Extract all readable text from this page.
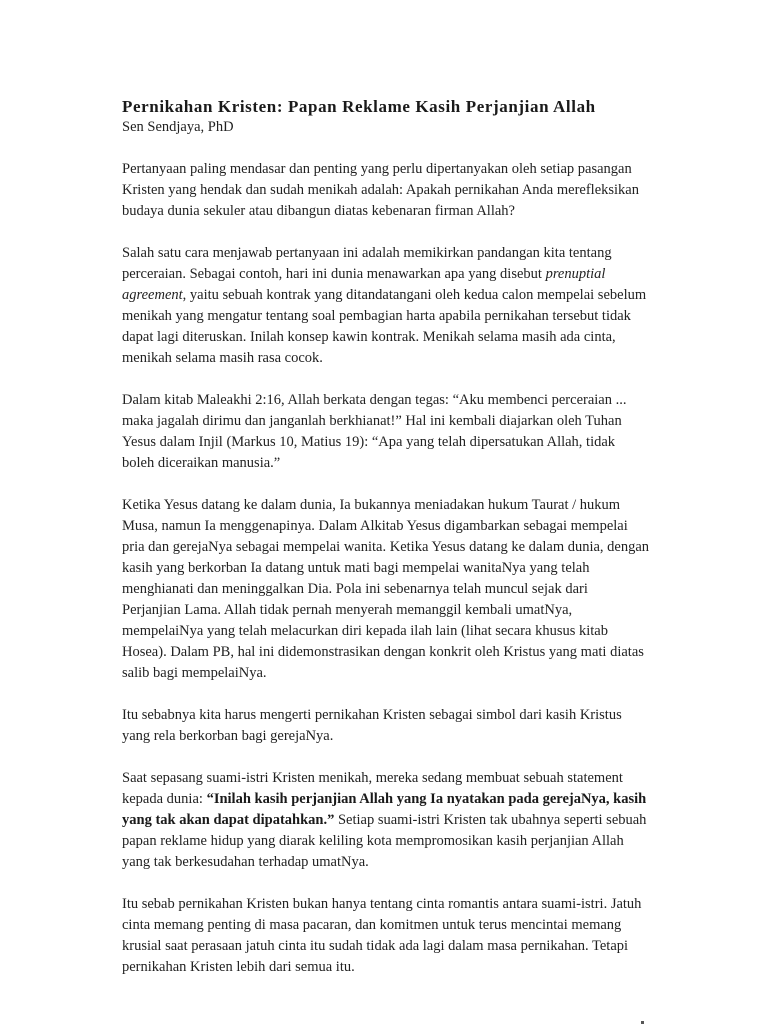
Pernikahan Kristen: Papan Reklame Kasih Perjanjian Allah

Sen Sendjaya, PhD

Pertanyaan paling mendasar dan penting yang perlu dipertanyakan oleh setiap pasangan Kristen yang hendak dan sudah menikah adalah: Apakah pernikahan Anda merefleksikan budaya dunia sekuler atau dibangun diatas kebenaran firman Allah?

Salah satu cara menjawab pertanyaan ini adalah memikirkan pandangan kita tentang perceraian. Sebagai contoh, hari ini dunia menawarkan apa yang disebut prenuptial agreement, yaitu sebuah kontrak yang ditandatangani oleh kedua calon mempelai sebelum menikah yang mengatur tentang soal pembagian harta apabila pernikahan tersebut tidak dapat lagi diteruskan. Inilah konsep kawin kontrak. Menikah selama masih ada cinta, menikah selama masih rasa cocok.

Dalam kitab Maleakhi 2:16, Allah berkata dengan tegas: “Aku membenci perceraian ... maka jagalah dirimu dan janganlah berkhianat!” Hal ini kembali diajarkan oleh Tuhan Yesus dalam Injil (Markus 10, Matius 19): “Apa yang telah dipersatukan Allah, tidak boleh diceraikan manusia.”

Ketika Yesus datang ke dalam dunia, Ia bukannya meniadakan hukum Taurat / hukum Musa, namun Ia menggenapinya. Dalam Alkitab Yesus digambarkan sebagai mempelai pria dan gerejaNya sebagai mempelai wanita. Ketika Yesus datang ke dalam dunia, dengan kasih yang berkorban Ia datang untuk mati bagi mempelai wanitaNya yang telah menghianati dan meninggalkan Dia. Pola ini sebenarnya telah muncul sejak dari Perjanjian Lama. Allah tidak pernah menyerah memanggil kembali umatNya, mempelaiNya yang telah melacurkan diri kepada ilah lain (lihat secara khusus kitab Hosea). Dalam PB, hal ini didemonstrasikan dengan konkrit oleh Kristus yang mati diatas salib bagi mempelaiNya.

Itu sebabnya kita harus mengerti pernikahan Kristen sebagai simbol dari kasih Kristus yang rela berkorban bagi gerejaNya.

Saat sepasang suami-istri Kristen menikah, mereka sedang membuat sebuah statement kepada dunia: “Inilah kasih perjanjian Allah yang Ia nyatakan pada gerejaNya, kasih yang tak akan dapat dipatahkan.” Setiap suami-istri Kristen tak ubahnya seperti sebuah papan reklame hidup yang diarak keliling kota mempromosikan kasih perjanjian Allah yang tak berkesudahan terhadap umatNya.

Itu sebab pernikahan Kristen bukan hanya tentang cinta romantis antara suami-istri. Jatuh cinta memang penting di masa pacaran, dan komitmen untuk terus mencintai memang krusial saat perasaan jatuh cinta itu sudah tidak ada lagi dalam masa pernikahan. Tetapi pernikahan Kristen lebih dari semua itu.
